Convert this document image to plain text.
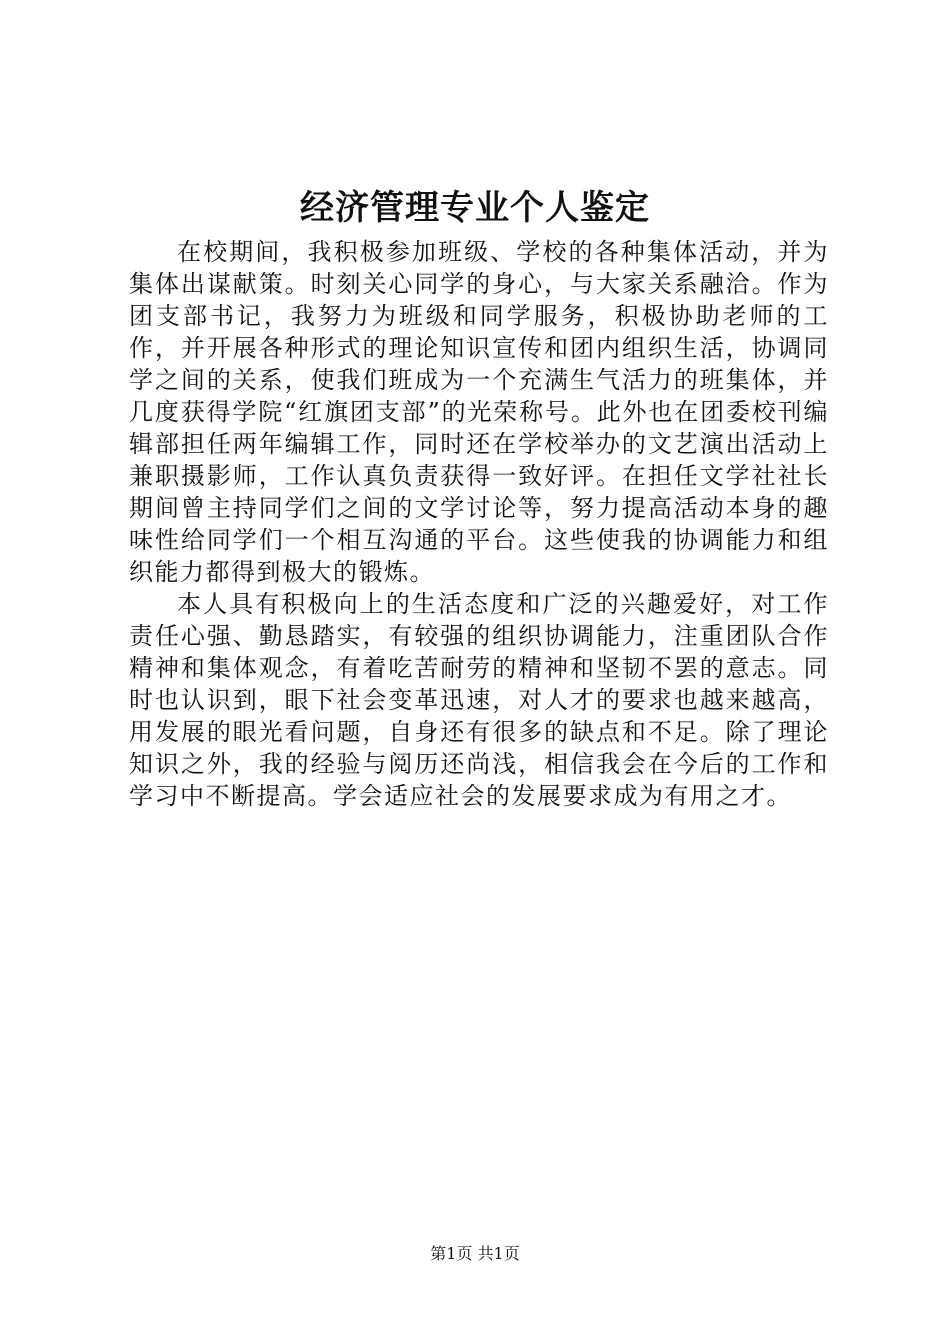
经济管理专业个人鉴定

在校期间，我积极参加班级、学校的各种集体活动，并为集体出谋献策。时刻关心同学的身心，与大家关系融洽。作为团支部书记，我努力为班级和同学服务，积极协助老师的工作，并开展各种形式的理论知识宣传和团内组织生活，协调同学之间的关系，使我们班成为一个充满生气活力的班集体，并几度获得学院“红旗团支部”的光荣称号。此外也在团委校刊编辑部担任两年编辑工作，同时还在学校举办的文艺演出活动上兼职摄影师，工作认真负责获得一致好评。在担任文学社社长期间曾主持同学们之间的文学讨论等，努力提高活动本身的趣味性给同学们一个相互沟通的平台。这些使我的协调能力和组织能力都得到极大的锻炼。

本人具有积极向上的生活态度和广泛的兴趣爱好，对工作责任心强、勤恳踏实，有较强的组织协调能力，注重团队合作精神和集体观念，有着吃苦耐劳的精神和坚韧不罢的意志。同时也认识到，眼下社会变革迅速，对人才的要求也越来越高，用发展的眼光看问题，自身还有很多的缺点和不足。除了理论知识之外，我的经验与阅历还尚浅，相信我会在今后的工作和学习中不断提高。学会适应社会的发展要求成为有用之才。

第1页 共1页
